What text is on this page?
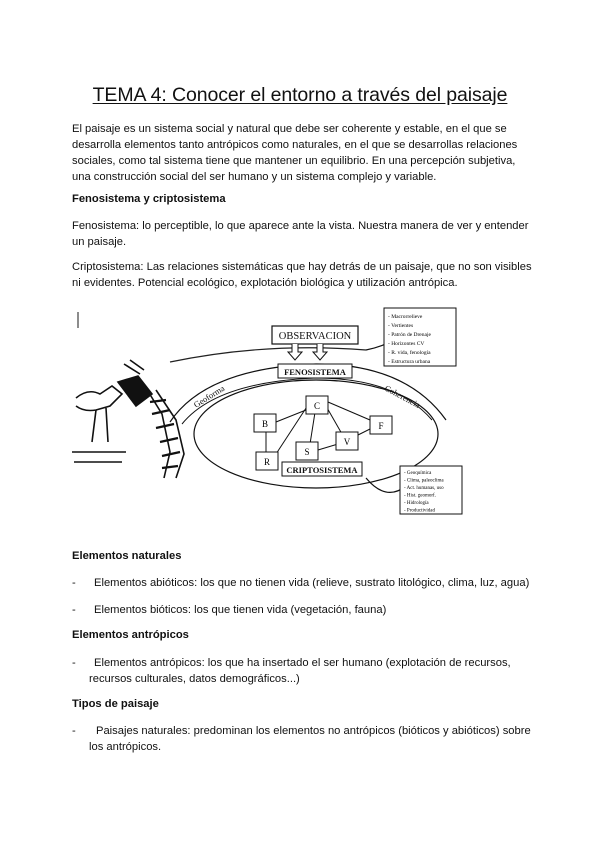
TEMA 4: Conocer el entorno a través del paisaje
El paisaje es un sistema social y natural que debe ser coherente y estable, en el que se desarrolla elementos tanto antrópicos como naturales, en el que se desarrollas relaciones sociales, como tal sistema tiene que mantener un equilibrio. En una percepción subjetiva, una construcción social del ser humano y un sistema complejo y variable.
Fenosistema y criptosistema
Fenosistema: lo perceptible, lo que aparece ante la vista. Nuestra manera de ver y entender un paisaje.
Criptosistema: Las relaciones sistemáticas que hay detrás de un paisaje, que no son visibles ni evidentes. Potencial ecológico, explotación biológica y utilización antrópica.
OBSERVACION
FENOSISTEMA
Geoforma	Coherencia
C
B	F
S
V
R
CRIPTOSISTEMA
- Macrorrelieve
- Vertientes
- Patrón de Drenaje
- Horizontes CV
- R. vida, fenología
- Estructura urbana
- Geoquímica
- Clima, paleoclima
- Act. humanas, uso
- Hist. geomorf.
- Hidrología
- Productividad
Elementos naturales
-	Elementos abióticos: los que no tienen vida (relieve, sustrato litológico, clima, luz, agua)
-	Elementos bióticos: los que tienen vida (vegetación, fauna)
Elementos antrópicos
-	Elementos antrópicos: los que ha insertado el ser humano (explotación de recursos,
recursos culturales, datos demográficos...)
Tipos de paisaje
-	Paisajes naturales: predominan los elementos no antrópicos (bióticos y abióticos) sobre
los antrópicos.
